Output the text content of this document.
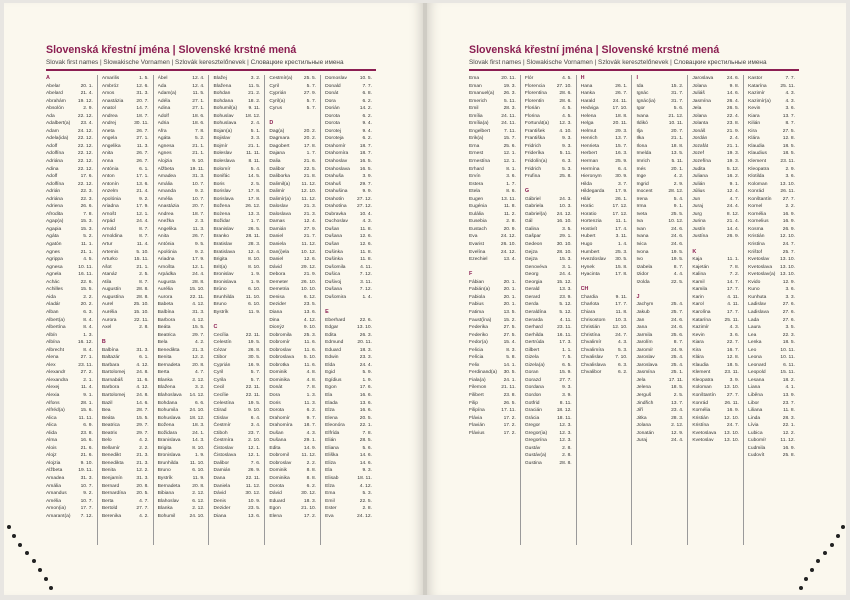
Slovenská křestní jména | Slovenské krstné mená
Slovak first names | Slowakische Vornamen | Szlovák keresztelőnevek | Словацкие крестильные имена
A
Abelar	20. 1.
Abelard	21. 4.
Abrahám 19. 12.
Absolón	2. 9.
Ada	22. 12.
Adalbert(a) 23. 4.
Adam	24. 12.
Adela(ida) 22. 12.
Adolf	22. 12.
Adolfína	22. 12.
Adriána	22. 12.
Adina	22. 12.
Adolf	17. 6.
Adolfína	22. 12.
Adrián	22. 3.
Adriána	22. 3.
Adriena	26. 6.
Afrodita	7. 8.
Agap(a)	15. 3.
Agapia	15. 3.
Agáta	5. 2.
Agatón	11. 1.
Agnes	21. 1.
Agrippa	4. 5.
Agnesa	10. 11.
Agnela	16. 11.
Achác	22. 6.
Achilles	15. 5.
Aida	2. 2.
Aladár	20. 2.
Alban	6. 3.
Albert(a)	8. 4.
Albertína	8. 4.
Albín	1. 3.
Albína	16. 12.
Albrecht	8. 4.
Alena	27. 1.
Alex	23. 11.
Alexandr	27. 2.
Alexandra	2. 1.
Alexej	11. 4.
Alexia	9. 1.
Alfons	28. 1.
Alfréd(a)	15. 6.
Alica	11. 11.
Alica	6. 9.
Alida	23. 8.
Alma	16. 6.
Alois	21. 6.
Alojz	21. 6.
Alojzia	9. 10.
Alžbeta	19. 11.
Amadea	31. 3.
Amália	10. 7.
Amandus	9. 2.
Amélia	10. 7.
Amon(ia)	17. 7.
Amarant(a) 7. 12.
Amarilis	1. 5.
Ambróz	12. 6.
Amos	31. 3.
Anastázia	20. 7.
Anatol	14. 7.
Andrea	18. 7.
Andrej	30. 11.
Aneta	26. 7.
Angela	27. 1.
Angelika	11. 3.
Anita	26. 7.
Anna	26. 7.
Antónia	6. 1.
Anton	17. 1.
Antonín	13. 6.
Anzelm	21. 4.
Apolónia	9. 2.
Ariadna	17. 9.
Arnošt	12. 1.
Arpád	24. 4.
Arnold	8. 7.
Arnoldina	8. 7.
Artur	11. 4.
Artemis	5. 10.
Arturko	15. 11.
Ašot	21. 1.
Atanáz	2. 5.
Atila	8. 7.
Augustín	28. 8.
Augustína	28. 8.
Aurel	25. 10.
Aurélia	15. 10.
Aurora	22. 11.
Axel	2. 8.
B
Balbína	31. 3.
Baltazár	6. 1.
Barbara	4. 12.
Bartolomej 24. 8.
Barnabáš	11. 6.
Barbora	4. 12.
Bartolomej 24. 8.
Bazil	14. 6.
Bea	28. 7.
Beáta	15. 5.
Beatrica	29. 7.
Beatrix	29. 7.
Belo	4. 2.
Bellamír	2. 2.
Benedikt	21. 3.
Benedikta	21. 3.
Benita	12. 2.
Benjamín	31. 3.
Bernard	20. 8.
Bernardína 20. 5.
Berta	4. 7.
Bertold	27. 7.
Berenika	4. 2.
Ábel	12. 4.
Ada	12. 4.
Adam(a)	11. 5.
Adéla	27. 1.
Adina	27. 1.
Adolf	18. 6.
Adria	18. 6.
Afra	7. 8.
Agáta	5. 2.
Agnesa	21. 1.
Agnes	21. 1.
Alojzia	9. 10.
Alžbeta	19. 11.
Amadea	31. 3.
Amália	10. 7.
Amanda	9. 2.
Amélia	10. 7.
Anastázia	20. 7.
Andrea	18. 7.
Anežka	2. 3.
Angelika	11. 3.
Anita	26. 7.
Antónia	9. 5.
Apolónia	9. 2.
Ariadna	17. 9.
Arnošta	12. 1.
Arpádka	24. 4.
Augusta	28. 8.
Aurélia	15. 10.
Aurora	22. 11.
Babeta	4. 12.
Balbína	31. 3.
Barbora	4. 12.
Beáta	15. 5.
Beatrica	29. 7.
Bela	4. 2.
Benedikta	21. 3.
Benita	12. 2.
Bernadeta 20. 8.
Berta	4. 7.
Blanka	2. 12.
Blažena	3. 2.
Blahoslava 14. 12.
Bohdana	6. 6.
Bohumila 24. 10.
Bohuslava 18. 12.
Božena	18. 3.
Božidara	24. 1.
Branislava 14. 3.
Brigita	8. 10.
Bronislava	1. 9.
Brunhilda 11. 10.
Bruno	6. 10.
Bystrík	11. 9.
Bernadeta 20. 8.
Bibiana	2. 12.
Blahoslav	6. 12.
Blanka	2. 12.
Bohumil	24. 10.
Blažej	3. 2.
Blažena	11. 5.
Bohdan	21. 2.
Bohdana	18. 2.
Bohumil(a) 9. 11.
Bohuslav 18. 12.
Bohuslava	2. 4.
Bojan(a)	5. 1.
Bojislav	3. 3.
Bojmír	21. 1.
Boleslav	11. 11.
Boleslava	8. 11.
Bolomír	5. 4.
Bonifác	14. 5.
Boris	2. 5.
Borislav	17. 8.
Borislava	17. 8.
Božena	26. 12.
Bożena	13. 3.
Božidar	1. 7.
Branislav	26. 5.
Branko	28. 11.
Bratislav	28. 3.
Bratislava	12. 4.
Brigita	8. 10.
Brit(a)	8. 10.
Bronislav	1. 9.
Bronislava	1. 9.
Brúno	6. 10.
Brunhilda 11. 10.
Bruno	6. 10.
Bystrík	11. 9.
C
Cecília	22. 11.
Celestín	19. 5.
Cézar	26. 8.
Ctibor	30. 5.
Cyprián	16. 9.
Cyril	5. 7.
Cyrila	5. 7.
Cecil	22. 11.
Cecílie	22. 11.
Celestína	19. 5.
Ctirad	9. 10.
Ctislav	6. 4.
Čestmír	3. 4.
Ctiboh	23. 7.
Čestmíra	2. 10.
Čistoslav	12. 1.
Čistoslava 12. 1.
Dalibor	7. 6.
Damián	26. 9.
Dana	22. 11.
Daniela	11. 12.
Dávid	30. 12.
Denis	10. 9.
Dezider	23. 5.
Diana	13. 6.
Cestmír(a) 25. 5.
Cyril	5. 7.
Cyprián	27. 9.
Cyril(a)	5. 7.
Cyrus	5. 7.
D
Dag(a)	20. 2.
Dagmara	20. 2.
Dagobert	17. 8.
Dajana	1. 7.
Dalia	21. 6.
Dalibor	22. 5.
Daliborka	21. 8.
Dalimil(a) 11. 12.
Dalimír	12. 10.
Dalimír(a) 11. 12.
Daloslav	21. 3.
Daloslava	21. 3.
Damas	12. 4.
Damián	27. 9.
Daniel	21. 7.
Daniela	11. 12.
Dan(i)ela 10. 12.
Daniel	12. 6.
Dávid	29. 12.
Debora	21. 9.
Demeter	26. 10.
Demetria 10. 10.
Denisa	6. 12.
Dezider	23. 5.
Diana	13. 6.
Dina	4. 12.
Dionýz	9. 10.
Dobromila	25. 3.
Dobromír	11. 6.
Dobroslav	11. 6.
Dobroslava 5. 10.
Dobrotka	11. 6.
Dominik	4. 8.
Dominika	4. 8.
Donát	7. 8.
Dora	1. 3.
Doris	11. 3.
Dorota	6. 2.
Drahomír	9. 7.
Drahomíra 18. 7.
Dušan	4. 3.
Dušana	29. 1.
Edita	14. 9.
Dobromil	11. 12.
Dobroslav	2. 2.
Dominik	8. 8.
Dominika	8. 8.
Dorota	6. 2.
Dávid	30. 12.
Eduard	18. 3.
Egon	21. 10.
Elena	17. 2.
Domoslav	10. 5.
Donald	7. 7.
Donát	6. 8.
Dora	6. 2.
Dorián	14. 2.
Dorota	6. 2.
Dorota	9. 4.
Dorotej	9. 4.
Doroteja	6. 2.
Drahomír	18. 7.
Drahomíra 18. 7.
Drahoslav	16. 5.
Drahoslava 16. 5.
Drahuša	3. 9.
Drahuš	29. 7.
Drahušina	9. 9.
Drahotín	27. 12.
Drahotína 27. 12.
Dubravka	10. 4.
Duchoslav	4. 3.
Dušan	11. 8.
Dušana	12. 6.
Dušan	12. 6.
Dušinka	11. 8.
Dušinka	11. 8.
Dušomila	4. 11.
Dušica	7. 12.
Dušivoj	3. 11.
Dušana	7. 12.
Dušomira	1. 4.
E
Eberhard	22. 6.
Edgar	13. 10.
Edita	26. 3.
Edmund	20. 11.
Eduard	18. 3.
Edwin	23. 3.
Elda	24. 4.
Egid	5. 9.
Egídius	1. 9.
Egon	17. 6.
Ela	16. 6.
Elada	13. 6.
Elza	16. 6.
Elena	20. 5.
Eleonóra	22. 1.
Elfrída	7. 8.
Elián	28. 5.
Eliana	5. 6.
Eliška	14. 6.
Eliza	14. 6.
Ela	9. 3.
Elisab	18. 11.
Elza	4. 12.
Ema	5. 3.
Emil	22. 5.
Ester	2. 8.
Eva	24. 12.
Slovenská křestní jména | Slovenské krstné mená
Slovak first names | Slowakische Vornamen | Szlovák keresztelőnevek | Словацкие крестильные имена
Ema	20. 11.
Eman	19. 3.
Emanuel(a) 26. 3.
Emerich	5. 11.
Emil	28. 3.
Emília	24. 11.
Emília(a)	24. 11.
Engelbert	7. 11.
Erik(a)	15. 7.
Erna	25. 6.
Ernest	12. 1.
Ernestína	12. 1.
Erhard	8. 1.
Ervín	3. 6.
Estera	1. 7.
Etela	8. 6.
Eugen	13. 11.
Eugénia	11. 8.
Eulália	11. 2.
Eusebia	2. 8.
Eustach	20. 9.
Eva	24. 12.
Evarist	26. 10.
Evelína	24. 12.
Ezechiel	13. 4.
F
Fábian	20. 1.
Fabián(a)	20. 1.
Fabiola	20. 1.
Fabius	20. 1.
Fatima	13. 5.
Faust(ína)	15. 2.
Federika	27. 5.
Federiko	27. 5.
Fedor(a)	15. 4.
Felicia	8. 3.
Felícia	5. 8.
Felix	14. 1.
Ferdinand(a) 30. 5.
Fiala(a)	24. 1.
Filemon	21. 11.
Filibert	23. 8.
Filip	26. 5.
Filipína	17. 11.
Flávia	17. 2.
Flavián	17. 2.
Flávius	17. 2.
Flór	4. 5.
Florencia 27. 10.
Florentína	28. 6.
Florentín	28. 6.
Florián	4. 5.
Florina	4. 5.
Fortunát(a) 12. 3.
František	4. 10.
Františka	9. 3.
Fridrich	9. 3.
Frideríka	5. 11.
Fridolín(a)	6. 3.
Fridrich	5. 3.
Frufina	25. 8.
G
Gábriel	24. 3.
Gabriela	10. 3.
Gabriel(a) 24. 12.
Gál	16. 10.
Galina	3. 5.
Gašpar	29. 1.
Gedeon	30. 10.
Gejza	28. 10.
Gejza	15. 3.
Genovéva	3. 1.
Georg	24. 4.
Georgia	15. 12.
Gerald	13. 3.
Gerard	23. 9.
Gerda	5. 12.
Geraldína	5. 12.
Gerarda	4. 11.
Gerhard	23. 11.
Gerhilda	16. 11.
Gertrúda	17. 3.
Gilbert	1. 1.
Gizela	7. 5.
Gizela(a)	6. 5.
Goran	15. 9.
Gorazd	27. 7.
Gordana	9. 3.
Gordon	3. 9.
Gotfrid	8. 11.
Gracián	18. 12.
Grácia	18. 11.
Gregor	12. 3.
Gregor(ia)	12. 3.
Gregorína	12. 3.
Gustáv	2. 8.
Gustáv(a)	2. 8.
Gustina	28. 8.
H
Hana	26. 1.
Hanka	26. 7.
Harald	24. 11.
Hedviga	17. 10.
Helena	18. 8.
Helga	20. 11.
Helmut	29. 3.
Henrich	13. 7.
Henrieta	15. 7.
Herbert	16. 3.
Herman	25. 9.
Hermína	6. 4.
Hieronym	30. 9.
Hilda	3. 7.
Hildegarda 17. 9.
Hilár	26. 1.
Horác	17. 12.
Horatio	17. 12.
Hortenzia	11. 1.
Hostivít	17. 4.
Hubert	3. 11.
Hugo	1. 4.
Humbert	25. 3.
Hvezdoslav 30. 5.
Hynek	15. 8.
Hyacinta	17. 8.
CH
Chardia	9. 11.
Charlota	17. 7.
Chiara	11. 8.
Chrisostom 10. 3.
Christián	12. 10.
Christína	24. 7.
Chvalimír	4. 3.
Chvalimíra	5. 3.
Chvalislav	7. 10.
Chvalislava	6. 3.
Chvalibor	6. 2.
I
Ida	15. 2.
Ignác	31. 7.
Ignác(ia)	31. 7.
Igor	5. 6.
Ivana	21. 12.
Ildikó	10. 11.
Ilja	20. 7.
Ilka	21. 1.
Ilona	18. 8.
Imelda	13. 5.
Imrich	5. 11.
Inés	20. 1.
Inge	4. 2.
Ingrid	2. 9.
Inocent	28. 12.
Irena	5. 4.
Irma	9. 1.
Iveta	25. 5.
Iva	10. 12.
Ivan	24. 6.
Ivana	24. 6.
Ivica	24. 6.
Ivona	19. 5.
Ivo	19. 5.
Izabela	8. 7.
Izidor	4. 4.
Izolda	22. 5.
J
Jachym	25. 4.
Jakub	25. 7.
Jan	24. 6.
Jana	24. 6.
Jarmila	25. 6.
Jarolím	8. 7.
Jaromír	24. 9.
Jaroslav	25. 4.
Jaroslava	25. 4.
Jasmína	25. 1.
Jela	17. 11.
Jelena	18. 5.
Jerguš	2. 5.
Jindřich	13. 7.
Jiří	23. 4.
Jitka	28. 3.
Jolana	2. 12.
Jonatán	12. 9.
Juraj	24. 4.
Jaroslava	24. 6.
Jolana	9. 8.
Juliáš	14. 6.
Jasmína	26. 4.
Jela	26. 5.
Jolana	22. 4.
Jolanta	23. 8.
Jonáš	21. 9.
Jordán	2. 4.
Jozafát	21. 1.
Jozef	19. 3.
Jozefína	19. 3.
Judita	5. 12.
Juliana	16. 2.
Julián	9. 1.
Július	12. 4.
Jun	4. 7.
Juraj	24. 4.
Jurg	8. 12.
Jurina	21. 4.
Justín	14. 4.
Justína	26. 9.
K
Kaja	11. 1.
Kajetán	7. 8.
Kalina	7. 2.
Kamil	14. 7.
Kamila	17. 7.
Karin	4. 11.
Karol	4. 11.
Karolína	17. 7.
Katarína	25. 11.
Kazimír	4. 3.
Kevin	3. 6.
Kiara	22. 7.
Kira	16. 7.
Klára	12. 8.
Klaudia	18. 5.
Klement	23. 11.
Kleopatra	3. 9.
Koloman	13. 10.
Konštantín 27. 7.
Konrád	26. 11.
Kornélia	16. 9.
Kristián	12. 10.
Kristína	24. 7.
Kvetoslava 13. 10.
Kvetoslav 13. 10.
Kastor	7. 7.
Katarína	25. 11.
Kazimír	4. 3.
Kazimír(a)	4. 3.
Kevin	3. 6.
Kiara	13. 7.
Kilián	8. 7.
Kira	27. 5.
Klára	12. 8.
Klaudia	18. 5.
Klaudius	18. 5.
Klement	23. 11.
Kleopatra	2. 9.
Klotilda	3. 6.
Koloman	13. 10.
Konrád	26. 11.
Konštantín 27. 7.
Kornel	2. 2.
Kornélia	16. 9.
Kornelius	16. 9.
Kosma	26. 9.
Kristián	12. 10.
Kristína	24. 7.
Krištof	25. 7.
Kvetoslav 13. 10.
Kvetoslava 13. 10.
Kvetoslav(a) 13. 10.
Kvido	12. 9.
Kuno	3. 6.
Kunhuta	3. 3.
Ladislav	27. 6.
Ladislava	27. 6.
Lada	27. 6.
Laura	3. 5.
Lea	22. 3.
Lenka	18. 5.
Leo	10. 11.
Leona	10. 11.
Leonard	6. 11.
Leopold	15. 11.
Lesana	18. 2.
Liana	4. 1.
Liběna	13. 9.
Libor	23. 7.
Liliana	11. 8.
Linda	28. 3.
Lívia	22. 1.
Lubica	12. 2.
Ľubomír	11. 12.
Ľudmila	16. 9.
Ľudovít	25. 8.
